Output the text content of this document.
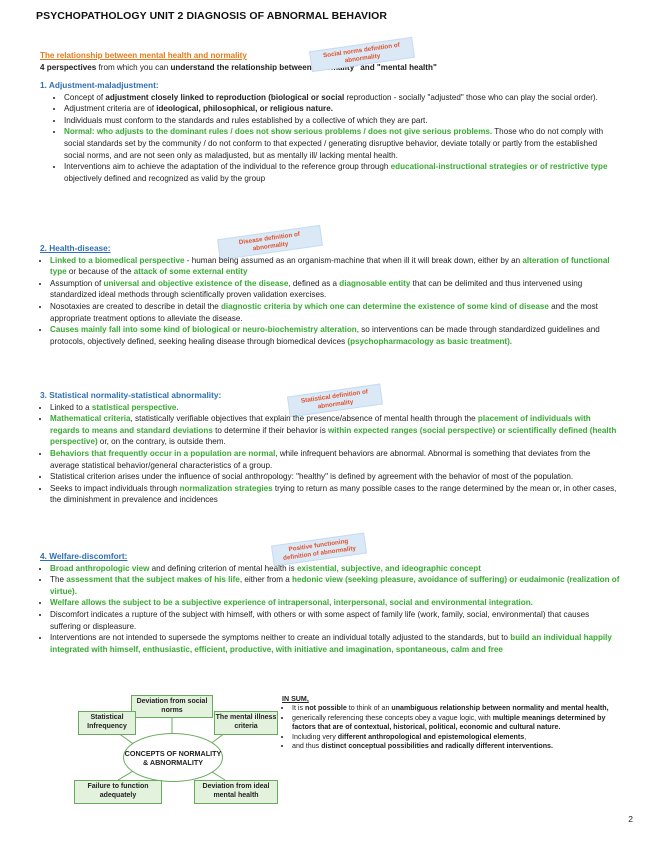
PSYCHOPATHOLOGY UNIT 2 DIAGNOSIS OF ABNORMAL BEHAVIOR
The relationship between mental health and normality
4 perspectives from which you can understand the relationship between "normality" and "mental health"
Social norms definition of abnormality
1. Adjustment-maladjustment:
• Concept of adjustment closely linked to reproduction (biological or social reproduction - socially "adjusted" those who can play the social order).
• Adjustment criteria are of ideological, philosophical, or religious nature.
• Individuals must conform to the standards and rules established by a collective of which they are part.
• Normal: who adjusts to the dominant rules / does not show serious problems / does not give serious problems. Those who do not comply with social standards set by the community / do not conform to that expected / generating disruptive behavior, deviate totally or partly from the established social norms, and are not seen only as maladjusted, but as mentally ill/ lacking mental health.
• Interventions aim to achieve the adaptation of the individual to the reference group through educational-instructional strategies or of restrictive type objectively defined and recognized as valid by the group
Disease definition of abnormality
2. Health-disease:
• Linked to a biomedical perspective - human being assumed as an organism-machine that when ill it will break down, either by an alteration of functional type or because of the attack of some external entity
• Assumption of universal and objective existence of the disease, defined as a diagnosable entity that can be delimited and thus intervened using standardized ideal methods through scientifically proven validation exercises.
• Nosotaxies are created to describe in detail the diagnostic criteria by which one can determine the existence of some kind of disease and the most appropriate treatment options to alleviate the disease.
• Causes mainly fall into some kind of biological or neuro-biochemistry alteration, so interventions can be made through standardized guidelines and protocols, objectively defined, seeking healing disease through biomedical devices (psychopharmacology as basic treatment).
Statistical definition of abnormality
3. Statistical normality-statistical abnormality:
• Linked to a statistical perspective.
• Mathematical criteria, statistically verifiable objectives that explain the presence/absence of mental health through the placement of individuals with regards to means and standard deviations to determine if their behavior is within expected ranges (social perspective) or scientifically defined (health perspective) or, on the contrary, is outside them.
• Behaviors that frequently occur in a population are normal, while infrequent behaviors are abnormal. Abnormal is something that deviates from the average statistical behavior/general characteristics of a group.
• Statistical criterion arises under the influence of social anthropology: "healthy" is defined by agreement with the behavior of most of the population.
• Seeks to impact individuals through normalization strategies trying to return as many possible cases to the range determined by the mean or, in other cases, the diminishment in prevalence and incidences
Positive functioning definition of abnormality
4. Welfare-discomfort:
• Broad anthropologic view and defining criterion of mental health is existential, subjective, and ideographic concept
• The assessment that the subject makes of his life, either from a hedonic view (seeking pleasure, avoidance of suffering) or eudaimonic (realization of virtue).
• Welfare allows the subject to be a subjective experience of intrapersonal, interpersonal, social and environmental integration.
• Discomfort indicates a rupture of the subject with himself, with others or with some aspect of family life (work, family, social, environmental) that causes suffering or displeasure.
• Interventions are not intended to supersede the symptoms neither to create an individual totally adjusted to the standards, but to build an individual happily integrated with himself, enthusiastic, efficient, productive, with initiative and imagination, spontaneous, calm and free
Deviation from social norms
Statistical Infrequency
The mental illness criteria
CONCEPTS OF NORMALITY & ABNORMALITY
Failure to function adequately
Deviation from ideal mental health
IN SUM,
• It is not possible to think of an unambiguous relationship between normality and mental health,
• generically referencing these concepts obey a vague logic, with multiple meanings determined by factors that are of contextual, historical, political, economic and cultural nature.
• Including very different anthropological and epistemological elements,
• and thus distinct conceptual possibilities and radically different interventions.
2
